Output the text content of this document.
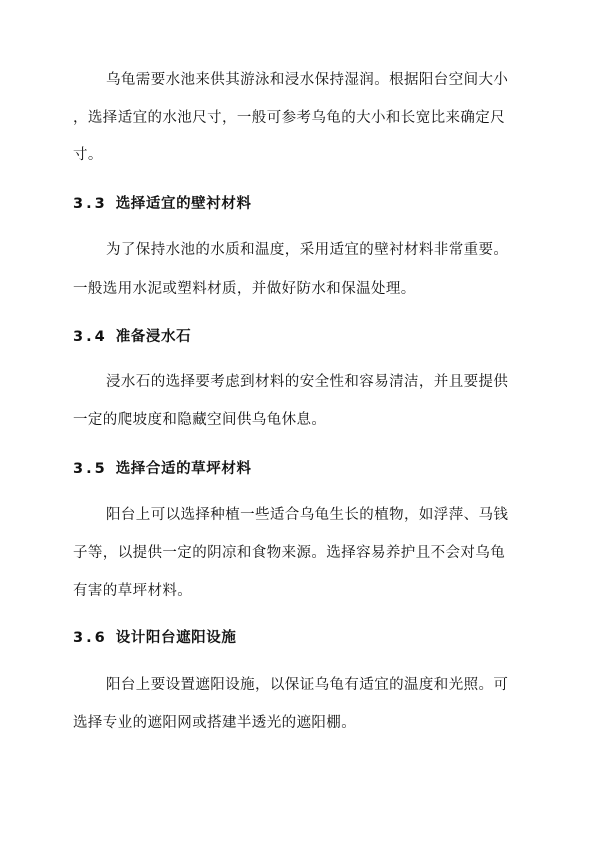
乌龟需要水池来供其游泳和浸水保持湿润。根据阳台空间大小
，选择适宜的水池尺寸，一般可参考乌龟的大小和长宽比来确定尺
寸。
3.3 选择适宜的壁衬材料
为了保持水池的水质和温度，采用适宜的壁衬材料非常重要。
一般选用水泥或塑料材质，并做好防水和保温处理。
3.4 准备浸水石
浸水石的选择要考虑到材料的安全性和容易清洁，并且要提供
一定的爬坡度和隐藏空间供乌龟休息。
3.5 选择合适的草坪材料
阳台上可以选择种植一些适合乌龟生长的植物，如浮萍、马钱
子等，以提供一定的阴凉和食物来源。选择容易养护且不会对乌龟
有害的草坪材料。
3.6 设计阳台遮阳设施
阳台上要设置遮阳设施，以保证乌龟有适宜的温度和光照。可
选择专业的遮阳网或搭建半透光的遮阳棚。
